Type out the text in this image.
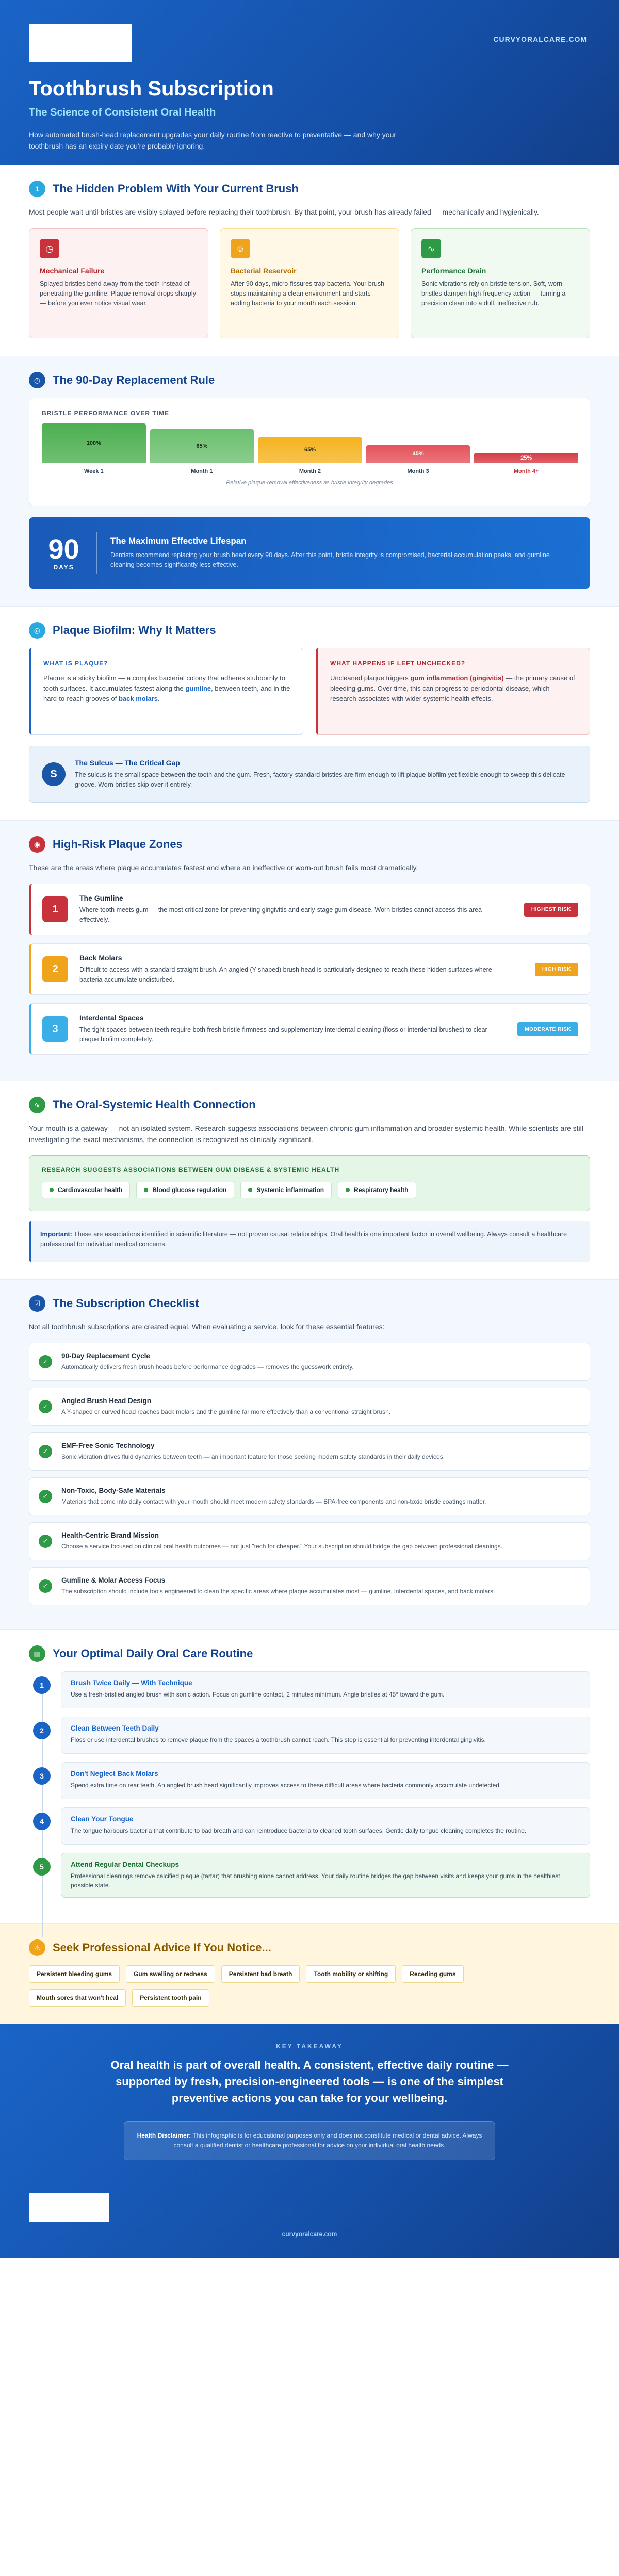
CURVYORALCARE.COM
Toothbrush Subscription
The Science of Consistent Oral Health

How automated brush-head replacement upgrades your daily routine from reactive to preventative — and why your toothbrush has an expiry date you're probably ignoring.

1	The Hidden Problem With Your Current Brush

Most people wait until bristles are visibly splayed before replacing their toothbrush. By that point, your brush has already failed — mechanically and hygienically.

◷
Mechanical Failure

Splayed bristles bend away from the tooth instead of penetrating the gumline. Plaque removal drops sharply — before you ever notice visual wear.

☺
Bacterial Reservoir

After 90 days, micro-fissures trap bacteria. Your brush stops maintaining a clean environment and starts adding bacteria to your mouth each session.

∿
Performance Drain

Sonic vibrations rely on bristle tension. Soft, worn bristles dampen high-frequency action — turning a precision clean into a dull, ineffective rub.

◷	The 90-Day Replacement Rule
BRISTLE PERFORMANCE OVER TIME
100%	85%
65%
45%
25%
Week 1	Month 1	Month 2	Month 3	Month 4+
Relative plaque-removal effectiveness as bristle integrity degrades
90
DAYS
The Maximum Effective Lifespan

Dentists recommend replacing your brush head every 90 days. After this point, bristle integrity is compromised, bacterial accumulation peaks, and gumline cleaning becomes significantly less effective.

◎	Plaque Biofilm: Why It Matters
WHAT IS PLAQUE?

Plaque is a sticky biofilm — a complex bacterial colony that adheres stubbornly to tooth surfaces. It accumulates fastest along the gumline, between teeth, and in the hard-to-reach grooves of back molars.

WHAT HAPPENS IF LEFT UNCHECKED?

Uncleaned plaque triggers gum inflammation (gingivitis) — the primary cause of bleeding gums. Over time, this can progress to periodontal disease, which research associates with wider systemic health effects.

S
The Sulcus — The Critical Gap

The sulcus is the small space between the tooth and the gum. Fresh, factory-standard bristles are firm enough to lift plaque biofilm yet flexible enough to sweep this delicate groove. Worn bristles skip over it entirely.

◉	High-Risk Plaque Zones

These are the areas where plaque accumulates fastest and where an ineffective or worn-out brush fails most dramatically.

1
The Gumline

Where tooth meets gum — the most critical zone for preventing gingivitis and early-stage gum disease. Worn bristles cannot access this area effectively.

HIGHEST RISK
2
Back Molars

Difficult to access with a standard straight brush. An angled (Y-shaped) brush head is particularly designed to reach these hidden surfaces where bacteria accumulate undisturbed.

HIGH RISK
3
Interdental Spaces

The tight spaces between teeth require both fresh bristle firmness and supplementary interdental cleaning (floss or interdental brushes) to clear plaque biofilm completely.

MODERATE RISK
∿	The Oral-Systemic Health Connection

Your mouth is a gateway — not an isolated system. Research suggests associations between chronic gum inflammation and broader systemic health. While scientists are still investigating the exact mechanisms, the connection is recognized as clinically significant.

RESEARCH SUGGESTS ASSOCIATIONS BETWEEN GUM DISEASE & SYSTEMIC HEALTH
Cardiovascular health	Blood glucose regulation	Systemic inflammation	Respiratory health
Important: These are associations identified in scientific literature — not proven causal relationships. Oral health is one important factor in overall wellbeing. Always consult a healthcare professional for individual medical concerns.
☑	The Subscription Checklist

Not all toothbrush subscriptions are created equal. When evaluating a service, look for these essential features:

✓
90-Day Replacement Cycle

Automatically delivers fresh brush heads before performance degrades — removes the guesswork entirely.

✓
Angled Brush Head Design

A Y-shaped or curved head reaches back molars and the gumline far more effectively than a conventional straight brush.

✓
EMF-Free Sonic Technology

Sonic vibration drives fluid dynamics between teeth — an important feature for those seeking modern safety standards in their daily devices.

✓
Non-Toxic, Body-Safe Materials

Materials that come into daily contact with your mouth should meet modern safety standards — BPA-free components and non-toxic bristle coatings matter.

✓
Health-Centric Brand Mission

Choose a service focused on clinical oral health outcomes — not just "tech for cheaper." Your subscription should bridge the gap between professional cleanings.

✓
Gumline & Molar Access Focus

The subscription should include tools engineered to clean the specific areas where plaque accumulates most — gumline, interdental spaces, and back molars.

▦	Your Optimal Daily Oral Care Routine
1	Brush Twice Daily — With Technique

Use a fresh-bristled angled brush with sonic action. Focus on gumline contact, 2 minutes minimum. Angle bristles at 45° toward the gum.

2	Clean Between Teeth Daily

Floss or use interdental brushes to remove plaque from the spaces a toothbrush cannot reach. This step is essential for preventing interdental gingivitis.

3	Don't Neglect Back Molars

Spend extra time on rear teeth. An angled brush head significantly improves access to these difficult areas where bacteria commonly accumulate undetected.

4	Clean Your Tongue

The tongue harbours bacteria that contribute to bad breath and can reintroduce bacteria to cleaned tooth surfaces. Gentle daily tongue cleaning completes the routine.

5	Attend Regular Dental Checkups

Professional cleanings remove calcified plaque (tartar) that brushing alone cannot address. Your daily routine bridges the gap between visits and keeps your gums in the healthiest possible state.

⚠	Seek Professional Advice If You Notice...
Persistent bleeding gums	Gum swelling or redness	Persistent bad breath	Tooth mobility or shifting	Receding gums
Mouth sores that won't heal	Persistent tooth pain
KEY TAKEAWAY
Oral health is part of overall health. A consistent, effective daily routine — supported by fresh, precision-engineered tools — is one of the simplest preventive actions you can take for your wellbeing.
Health Disclaimer: This infographic is for educational purposes only and does not constitute medical or dental advice. Always consult a qualified dentist or healthcare professional for advice on your individual oral health needs.
curvyoralcare.com
